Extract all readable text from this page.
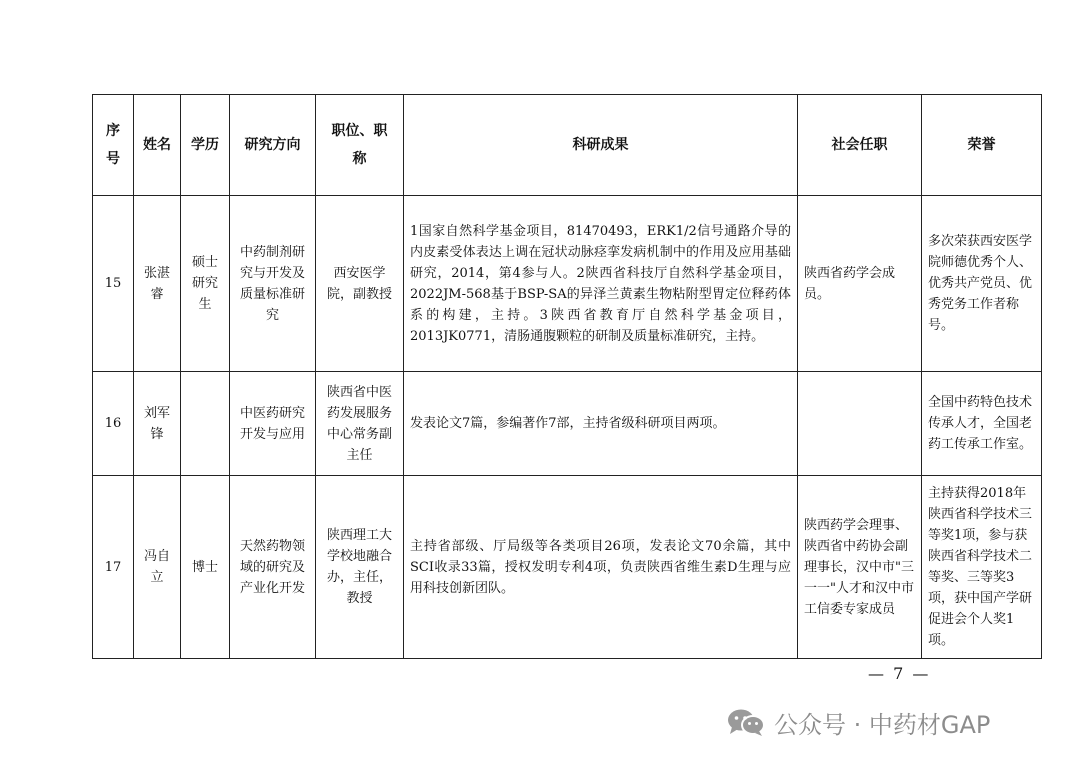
序号	姓名	学历	研究方向	职位、职称	科研成果	社会任职	荣誉

15	张湛睿	硕士研究生	中药制剂研究与开发及质量标准研究	西安医学院，副教授	1国家自然科学基金项目，81470493，ERK1/2信号通路介导的内皮素受体表达上调在冠状动脉痉挛发病机制中的作用及应用基础研究，2014，第4参与人。2陕西省科技厅自然科学基金项目，2022JM-568基于BSP-SA的异泽兰黄素生物粘附型胃定位释药体系的构建，主持。3陕西省教育厅自然科学基金项目，2013JK0771，清肠通腹颗粒的研制及质量标准研究，主持。	陕西省药学会成员。	多次荣获西安医学院师德优秀个人、优秀共产党员、优秀党务工作者称号。

16	刘军锋		中医药研究开发与应用	陕西省中医药发展服务中心常务副主任	发表论文7篇，参编著作7部，主持省级科研项目两项。		全国中药特色技术传承人才，全国老药工传承工作室。

17	冯自立	博士	天然药物领域的研究及产业化开发	陕西理工大学校地融合办，主任，教授	主持省部级、厅局级等各类项目26项，发表论文70余篇，其中SCI收录33篇，授权发明专利4项，负责陕西省维生素D生理与应用科技创新团队。	陕西药学会理事、陕西省中药协会副理事长，汉中市"三一一"人才和汉中市工信委专家成员	主持获得2018年陕西省科学技术三等奖1项，参与获陕西省科学技术二等奖、三等奖3项，获中国产学研促进会个人奖1项。
— 7 —
公众号 · 中药材GAP
